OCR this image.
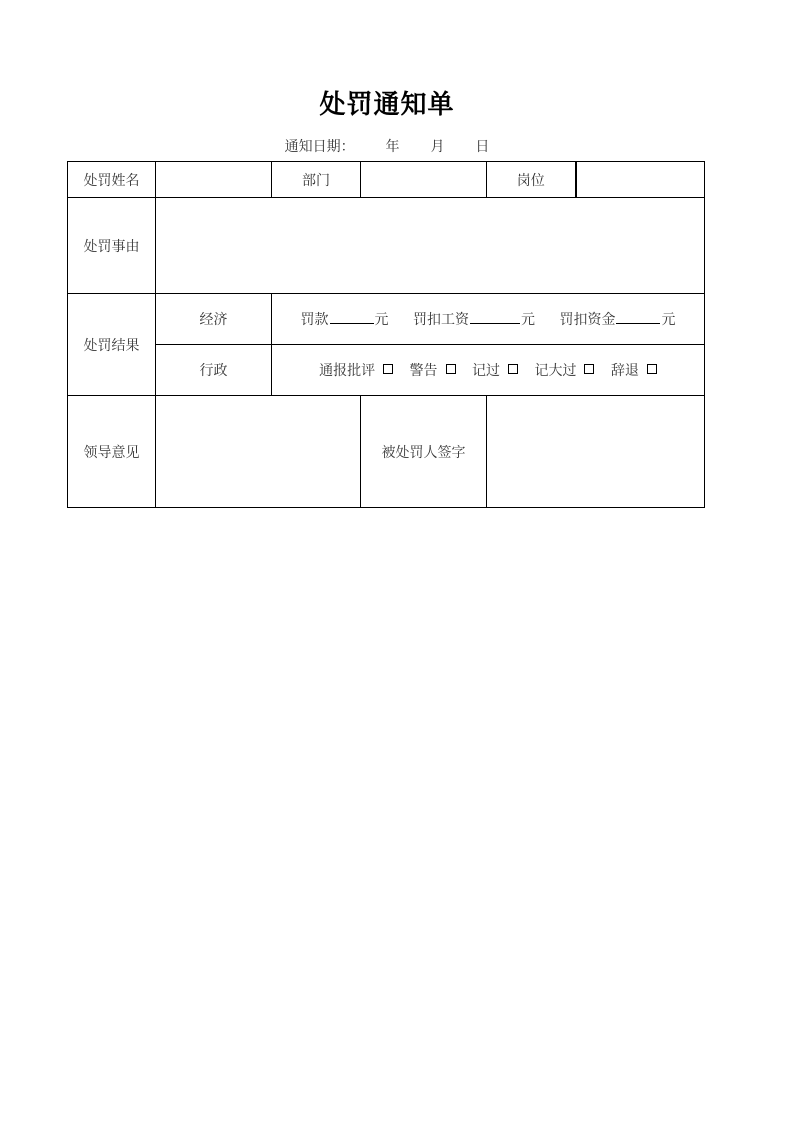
处罚通知单
通知日期： 年 月 日
处罚姓名		部门		岗位	
处罚事由					
处罚结果	经济	罚款 元 罚扣工资 元 罚扣资金 元			
	行政	通报批评 警告 记过 记大过 辞退			
领导意见			被处罚人签字		
